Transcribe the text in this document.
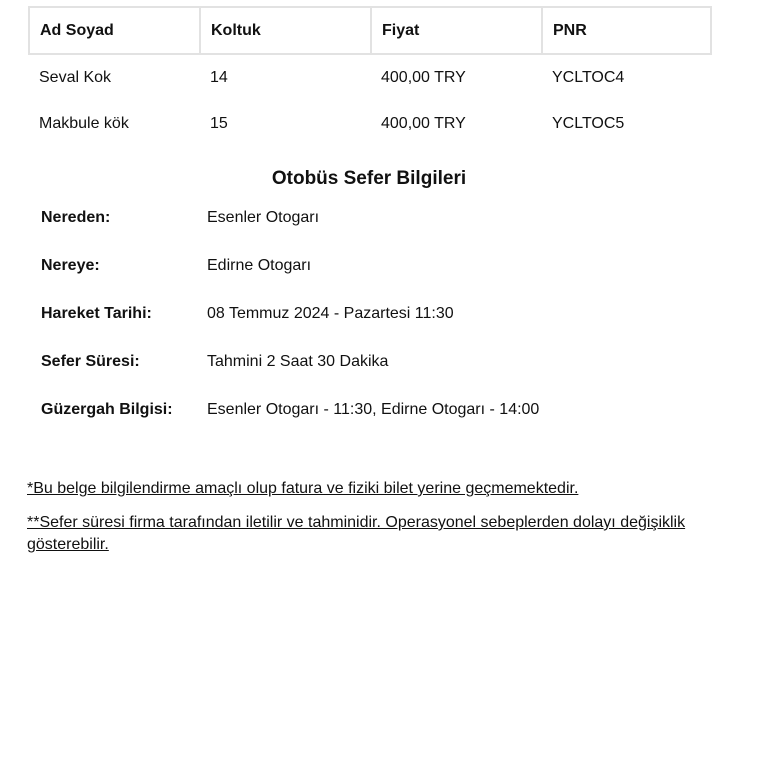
Ad Soyad	Koltuk	Fiyat	PNR
Seval Kok	14	400,00 TRY	YCLTOC4
Makbule kök	15	400,00 TRY	YCLTOC5
Otobüs Sefer Bilgileri
Nereden:	Esenler Otogarı
Nereye:	Edirne Otogarı
Hareket Tarihi:	08 Temmuz 2024 - Pazartesi 11:30
Sefer Süresi:	Tahmini 2 Saat 30 Dakika
Güzergah Bilgisi:	Esenler Otogarı - 11:30, Edirne Otogarı - 14:00

*Bu belge bilgilendirme amaçlı olup fatura ve fiziki bilet yerine geçmemektedir.

**Sefer süresi firma tarafından iletilir ve tahminidir. Operasyonel sebeplerden dolayı değişiklik gösterebilir.
